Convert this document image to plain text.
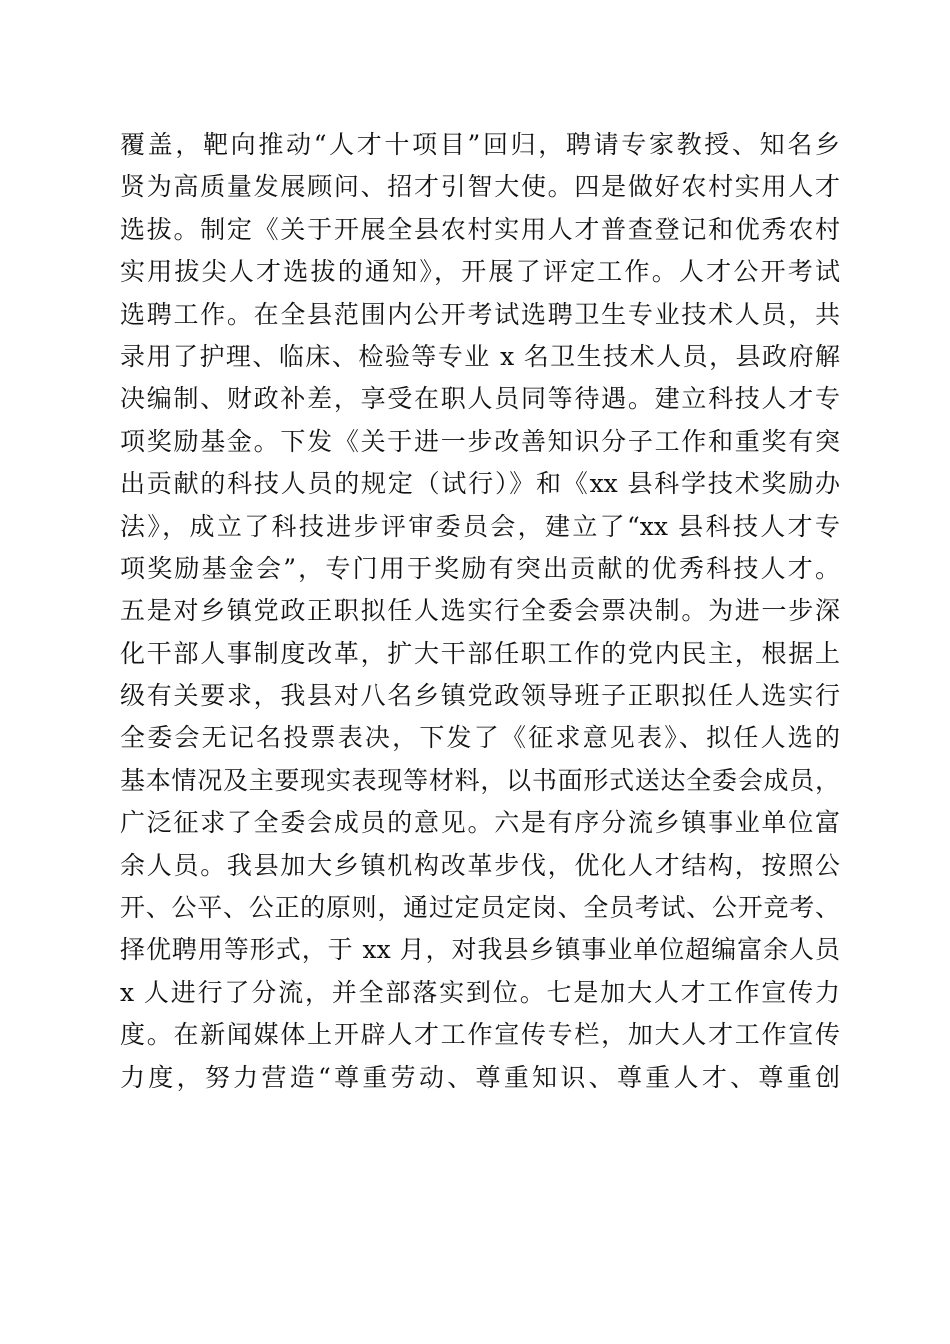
覆盖，靶向推动“人才十项目”回归，聘请专家教授、知名乡
贤为高质量发展顾问、招才引智大使。四是做好农村实用人才
选拔。制定《关于开展全县农村实用人才普查登记和优秀农村
实用拔尖人才选拔的通知》，开展了评定工作。人才公开考试
选聘工作。在全县范围内公开考试选聘卫生专业技术人员，共
录用了护理、临床、检验等专业 x 名卫生技术人员，县政府解
决编制、财政补差，享受在职人员同等待遇。建立科技人才专
项奖励基金。下发《关于进一步改善知识分子工作和重奖有突
出贡献的科技人员的规定（试行）》和《xx 县科学技术奖励办
法》，成立了科技进步评审委员会，建立了“xx 县科技人才专
项奖励基金会”，专门用于奖励有突出贡献的优秀科技人才。
五是对乡镇党政正职拟任人选实行全委会票决制。为进一步深
化干部人事制度改革，扩大干部任职工作的党内民主，根据上
级有关要求，我县对八名乡镇党政领导班子正职拟任人选实行
全委会无记名投票表决，下发了《征求意见表》、拟任人选的
基本情况及主要现实表现等材料，以书面形式送达全委会成员，
广泛征求了全委会成员的意见。六是有序分流乡镇事业单位富
余人员。我县加大乡镇机构改革步伐，优化人才结构，按照公
开、公平、公正的原则，通过定员定岗、全员考试、公开竞考、
择优聘用等形式，于 xx 月，对我县乡镇事业单位超编富余人员
x 人进行了分流，并全部落实到位。七是加大人才工作宣传力
度。在新闻媒体上开辟人才工作宣传专栏，加大人才工作宣传
力度，努力营造“尊重劳动、尊重知识、尊重人才、尊重创
